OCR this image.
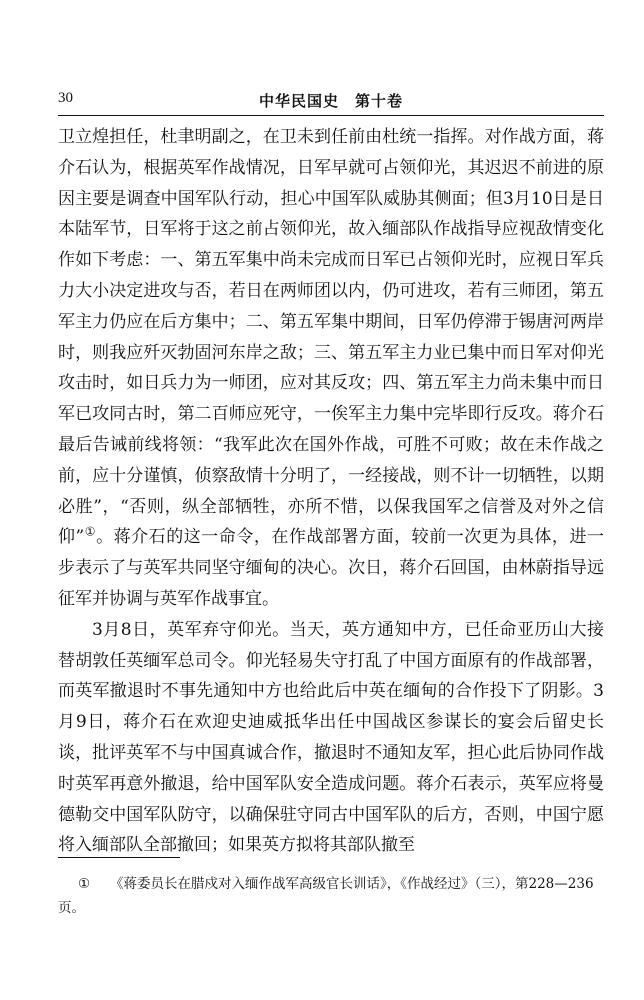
30	中华民国史　第十卷

卫立煌担任，杜聿明副之，在卫未到任前由杜统一指挥。对作战方面，蒋介石认为，根据英军作战情况，日军早就可占领仰光，其迟迟不前进的原因主要是调查中国军队行动，担心中国军队威胁其侧面；但3月10日是日本陆军节，日军将于这之前占领仰光，故入缅部队作战指导应视敌情变化作如下考虑：一、第五军集中尚未完成而日军已占领仰光时，应视日军兵力大小决定进攻与否，若日在两师团以内，仍可进攻，若有三师团，第五军主力仍应在后方集中；二、第五军集中期间，日军仍停滞于锡唐河两岸时，则我应歼灭勃固河东岸之敌；三、第五军主力业已集中而日军对仰光攻击时，如日兵力为一师团，应对其反攻；四、第五军主力尚未集中而日军已攻同古时，第二百师应死守，一俟军主力集中完毕即行反攻。蒋介石最后告诫前线将领：“我军此次在国外作战，可胜不可败；故在未作战之前，应十分谨慎，侦察敌情十分明了，一经接战，则不计一切牺牲，以期必胜”，“否则，纵全部牺牲，亦所不惜，以保我国军之信誉及对外之信仰”①。蒋介石的这一命令，在作战部署方面，较前一次更为具体，进一步表示了与英军共同坚守缅甸的决心。次日，蒋介石回国，由林蔚指导远征军并协调与英军作战事宜。

3月8日，英军弃守仰光。当天，英方通知中方，已任命亚历山大接替胡敦任英缅军总司令。仰光轻易失守打乱了中国方面原有的作战部署，而英军撤退时不事先通知中方也给此后中英在缅甸的合作投下了阴影。3月9日，蒋介石在欢迎史迪威抵华出任中国战区参谋长的宴会后留史长谈，批评英军不与中国真诚合作，撤退时不通知友军，担心此后协同作战时英军再意外撤退，给中国军队安全造成问题。蒋介石表示，英军应将曼德勒交中国军队防守，以确保驻守同古中国军队的后方，否则，中国宁愿将入缅部队全部撤回；如果英方拟将其部队撤至

① 《蒋委员长在腊戍对入缅作战军高级官长训话》，《作战经过》（三），第228—236页。
